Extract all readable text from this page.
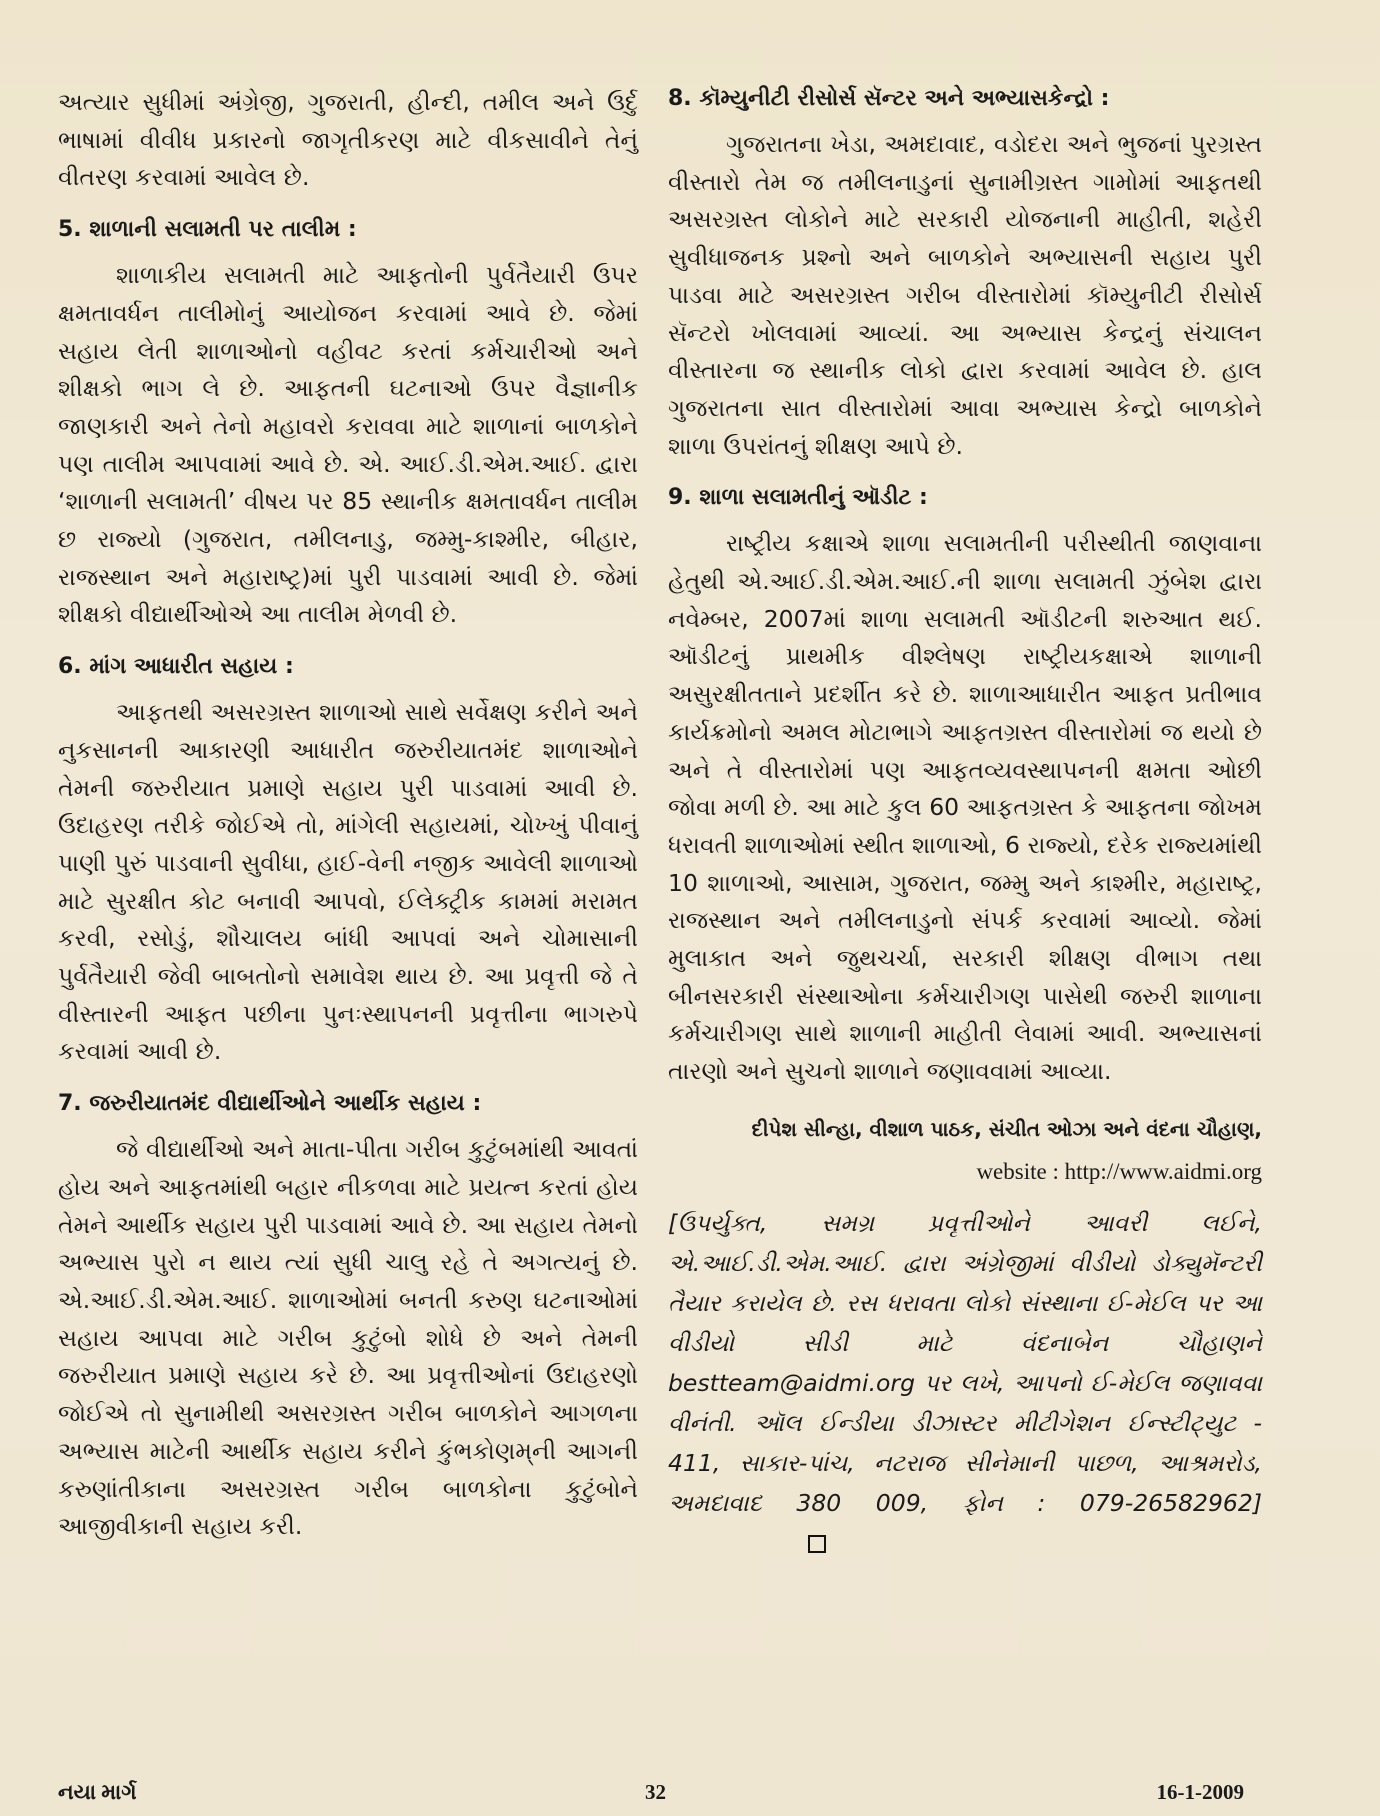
અત્યાર સુધીમાં અંગ્રેજી, ગુજરાતી, હીન્દી, તમીલ અને ઉર્દુ ભાષામાં વીવીધ પ્રકારનો જાગૃતીકરણ માટે વીકસાવીને તેનું વીતરણ કરવામાં આવેલ છે.

5. શાળાની સલામતી પર તાલીમ :

શાળાકીય સલામતી માટે આફતોની પુર્વતૈયારી ઉપર ક્ષમતાવર્ધન તાલીમોનું આયોજન કરવામાં આવે છે. જેમાં સહાય લેતી શાળાઓનો વહીવટ કરતાં કર્મચારીઓ અને શીક્ષકો ભાગ લે છે. આફતની ઘટનાઓ ઉપર વૈજ્ઞાનીક જાણકારી અને તેનો મહાવરો કરાવવા માટે શાળાનાં બાળકોને પણ તાલીમ આપવામાં આવે છે. એ. આઈ.ડી.એમ.આઈ. દ્વારા ‘શાળાની સલામતી’ વીષય પર 85 સ્થાનીક ક્ષમતાવર્ધન તાલીમ છ રાજ્યો (ગુજરાત, તમીલનાડુ, જમ્મુ-કાશ્મીર, બીહાર, રાજસ્થાન અને મહારાષ્ટ્ર)માં પુરી પાડવામાં આવી છે. જેમાં શીક્ષકો વીદ્યાર્થીઓએ આ તાલીમ મેળવી છે.

6. માંગ આધારીત સહાય :

આફતથી અસરગ્રસ્ત શાળાઓ સાથે સર્વેક્ષણ કરીને અને નુકસાનની આકારણી આધારીત જરુરીયાતમંદ શાળાઓને તેમની જરુરીયાત પ્રમાણે સહાય પુરી પાડવામાં આવી છે. ઉદાહરણ તરીકે જોઈએ તો, માંગેલી સહાયમાં, ચોખ્ખું પીવાનું પાણી પુરું પાડવાની સુવીધા, હાઈ-વેની નજીક આવેલી શાળાઓ માટે સુરક્ષીત કોટ બનાવી આપવો, ઈલેક્ટ્રીક કામમાં મરામત કરવી, રસોડું, શૌચાલય બાંધી આપવાં અને ચોમાસાની પુર્વતૈયારી જેવી બાબતોનો સમાવેશ થાય છે. આ પ્રવૃત્તી જે તે વીસ્તારની આફત પછીના પુનઃસ્થાપનની પ્રવૃત્તીના ભાગરુપે કરવામાં આવી છે.

7. જરુરીયાતમંદ વીદ્યાર્થીઓને આર્થીક સહાય :

જે વીદ્યાર્થીઓ અને માતા-પીતા ગરીબ કુટુંબમાંથી આવતાં હોય અને આફતમાંથી બહાર નીકળવા માટે પ્રયત્ન કરતાં હોય તેમને આર્થીક સહાય પુરી પાડવામાં આવે છે. આ સહાય તેમનો અભ્યાસ પુરો ન થાય ત્યાં સુધી ચાલુ રહે તે અગત્યનું છે. એ.આઈ.ડી.એમ.આઈ. શાળાઓમાં બનતી કરુણ ઘટનાઓમાં સહાય આપવા માટે ગરીબ કુટુંબો શોધે છે અને તેમની જરુરીયાત પ્રમાણે સહાય કરે છે. આ પ્રવૃત્તીઓનાં ઉદાહરણો જોઈએ તો સુનામીથી અસરગ્રસ્ત ગરીબ બાળકોને આગળના અભ્યાસ માટેની આર્થીક સહાય કરીને કુંભકોણમ્‌ની આગની કરુણાંતીકાના અસરગ્રસ્ત ગરીબ બાળકોના કુટુંબોને આજીવીકાની સહાય કરી.

8. કૉમ્યુનીટી રીસોર્સ સૅન્ટર અને અભ્યાસકેન્દ્રો :

ગુજરાતના ખેડા, અમદાવાદ, વડોદરા અને ભુજનાં પુરગ્રસ્ત વીસ્તારો તેમ જ તમીલનાડુનાં સુનામીગ્રસ્ત ગામોમાં આફતથી અસરગ્રસ્ત લોકોને માટે સરકારી યોજનાની માહીતી, શહેરી સુવીધાજનક પ્રશ્નો અને બાળકોને અભ્યાસની સહાય પુરી પાડવા માટે અસરગ્રસ્ત ગરીબ વીસ્તારોમાં કૉમ્યુનીટી રીસોર્સ સૅન્ટરો ખોલવામાં આવ્યાં. આ અભ્યાસ કેન્દ્રનું સંચાલન વીસ્તારના જ સ્થાનીક લોકો દ્વારા કરવામાં આવેલ છે. હાલ ગુજરાતના સાત વીસ્તારોમાં આવા અભ્યાસ કેન્દ્રો બાળકોને શાળા ઉપરાંતનું શીક્ષણ આપે છે.

9. શાળા સલામતીનું ઑડીટ :

રાષ્ટ્રીય કક્ષાએ શાળા સલામતીની પરીસ્થીતી જાણવાના હેતુથી એ.આઈ.ડી.એમ.આઈ.ની શાળા સલામતી ઝુંબેશ દ્વારા નવેમ્બર, 2007માં શાળા સલામતી ઑડીટની શરુઆત થઈ. ઑડીટનું પ્રાથમીક વીશ્લેષણ રાષ્ટ્રીયકક્ષાએ શાળાની અસુરક્ષીતતાને પ્રદર્શીત કરે છે. શાળાઆધારીત આફત પ્રતીભાવ કાર્યક્રમોનો અમલ મોટાભાગે આફતગ્રસ્ત વીસ્તારોમાં જ થયો છે અને તે વીસ્તારોમાં પણ આફતવ્યવસ્થાપનની ક્ષમતા ઓછી જોવા મળી છે. આ માટે કુલ 60 આફતગ્રસ્ત કે આફતના જોખમ ધરાવતી શાળાઓમાં સ્થીત શાળાઓ, 6 રાજ્યો, દરેક રાજ્યમાંથી 10 શાળાઓ, આસામ, ગુજરાત, જમ્મુ અને કાશ્મીર, મહારાષ્ટ્ર, રાજસ્થાન અને તમીલનાડુનો સંપર્ક કરવામાં આવ્યો. જેમાં મુલાકાત અને જુથચર્ચા, સરકારી શીક્ષણ વીભાગ તથા બીનસરકારી સંસ્થાઓના કર્મચારીગણ પાસેથી જરુરી શાળાના કર્મચારીગણ સાથે શાળાની માહીતી લેવામાં આવી. અભ્યાસનાં તારણો અને સુચનો શાળાને જણાવવામાં આવ્યા.

દીપેશ સીન્હા, વીશાળ પાઠક, સંચીત ઓઝા અને વંદના ચૌહાણ,
website : http://www.aidmi.org
[ઉપર્યુક્ત, સમગ્ર પ્રવૃત્તીઓને આવરી લઈને, એ.આઈ.ડી.એમ.આઈ. દ્વારા અંગ્રેજીમાં વીડીયો ડોક્યુમૅન્ટરી તૈયાર કરાયેલ છે. રસ ધરાવતા લોકો સંસ્થાના ઈ-મેઈલ પર આ વીડીયો સીડી માટે વંદનાબેન ચૌહાણને bestteam@aidmi.org પર લખે, આપનો ઈ-મેઈલ જણાવવા વીનંતી. ઑલ ઈન્ડીયા ડીઝાસ્ટર મીટીગેશન ઈન્સ્ટીટ્યુટ - 411, સાકાર-પાંચ, નટરાજ સીનેમાની પાછળ, આશ્રમરોડ, અમદાવાદ 380 009, ફોન : 079-26582962]
નયા માર્ગ	32	16-1-2009
